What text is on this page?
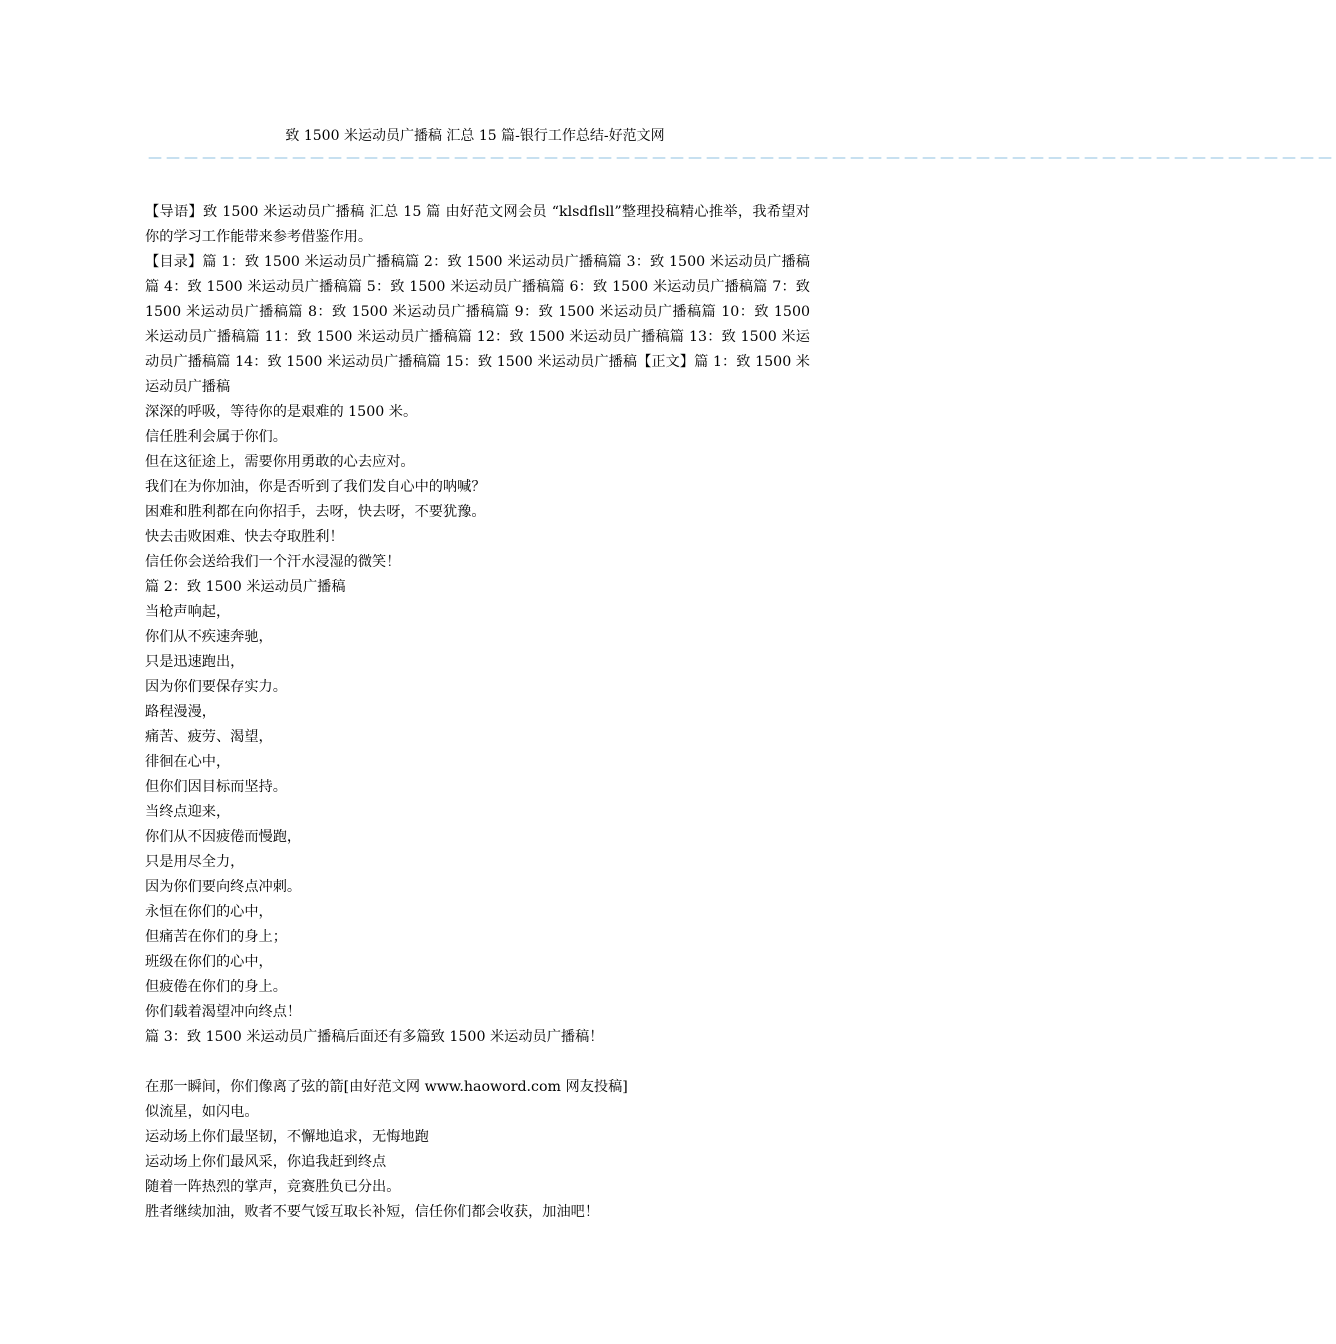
致 1500 米运动员广播稿 汇总 15 篇-银行工作总结-好范文网
——————————————————————————————————————————————————————————————————

【导语】致 1500 米运动员广播稿 汇总 15 篇 由好范文网会员 “klsdflsll”整理投稿精心推举，我希望对你的学习工作能带来参考借鉴作用。

【目录】篇 1：致 1500 米运动员广播稿篇 2：致 1500 米运动员广播稿篇 3：致 1500 米运动员广播稿篇 4：致 1500 米运动员广播稿篇 5：致 1500 米运动员广播稿篇 6：致 1500 米运动员广播稿篇 7：致 1500 米运动员广播稿篇 8：致 1500 米运动员广播稿篇 9：致 1500 米运动员广播稿篇 10：致 1500 米运动员广播稿篇 11：致 1500 米运动员广播稿篇 12：致 1500 米运动员广播稿篇 13：致 1500 米运动员广播稿篇 14：致 1500 米运动员广播稿篇 15：致 1500 米运动员广播稿【正文】篇 1：致 1500 米运动员广播稿

深深的呼吸，等待你的是艰难的 1500 米。

信任胜利会属于你们。

但在这征途上，需要你用勇敢的心去应对。

我们在为你加油，你是否听到了我们发自心中的呐喊？

困难和胜利都在向你招手，去呀，快去呀，不要犹豫。

快去击败困难、快去夺取胜利！

信任你会送给我们一个汗水浸湿的微笑！

篇 2：致 1500 米运动员广播稿

当枪声响起，

你们从不疾速奔驰，

只是迅速跑出，

因为你们要保存实力。

路程漫漫，

痛苦、疲劳、渴望，

徘徊在心中，

但你们因目标而坚持。

当终点迎来，

你们从不因疲倦而慢跑，

只是用尽全力，

因为你们要向终点冲刺。

永恒在你们的心中，

但痛苦在你们的身上；

班级在你们的心中，

但疲倦在你们的身上。

你们载着渴望冲向终点！

篇 3：致 1500 米运动员广播稿后面还有多篇致 1500 米运动员广播稿！

在那一瞬间，你们像离了弦的箭[由好范文网 www.haoword.com 网友投稿]

似流星，如闪电。

运动场上你们最坚韧，不懈地追求，无悔地跑

运动场上你们最风采，你追我赶到终点

随着一阵热烈的掌声，竞赛胜负已分出。

胜者继续加油，败者不要气馁互取长补短，信任你们都会收获，加油吧！
